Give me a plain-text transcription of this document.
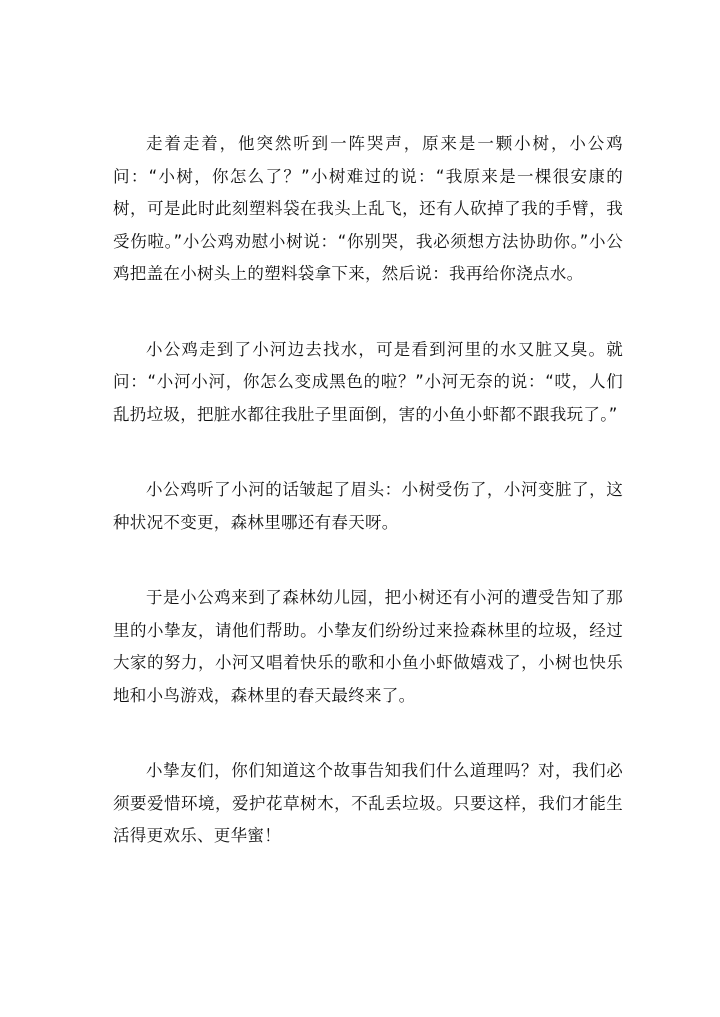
走着走着，他突然听到一阵哭声，原来是一颗小树，小公鸡问：“小树，你怎么了？”小树难过的说：“我原来是一棵很安康的树，可是此时此刻塑料袋在我头上乱飞，还有人砍掉了我的手臂，我受伤啦。”小公鸡劝慰小树说：“你别哭，我必须想方法协助你。”小公鸡把盖在小树头上的塑料袋拿下来，然后说：我再给你浇点水。

小公鸡走到了小河边去找水，可是看到河里的水又脏又臭。就问：“小河小河，你怎么变成黑色的啦？”小河无奈的说：“哎，人们乱扔垃圾，把脏水都往我肚子里面倒，害的小鱼小虾都不跟我玩了。”

小公鸡听了小河的话皱起了眉头：小树受伤了，小河变脏了，这种状况不变更，森林里哪还有春天呀。

于是小公鸡来到了森林幼儿园，把小树还有小河的遭受告知了那里的小挚友，请他们帮助。小挚友们纷纷过来捡森林里的垃圾，经过大家的努力，小河又唱着快乐的歌和小鱼小虾做嬉戏了，小树也快乐地和小鸟游戏，森林里的春天最终来了。

小挚友们，你们知道这个故事告知我们什么道理吗？对，我们必须要爱惜环境，爱护花草树木，不乱丢垃圾。只要这样，我们才能生活得更欢乐、更华蜜！
